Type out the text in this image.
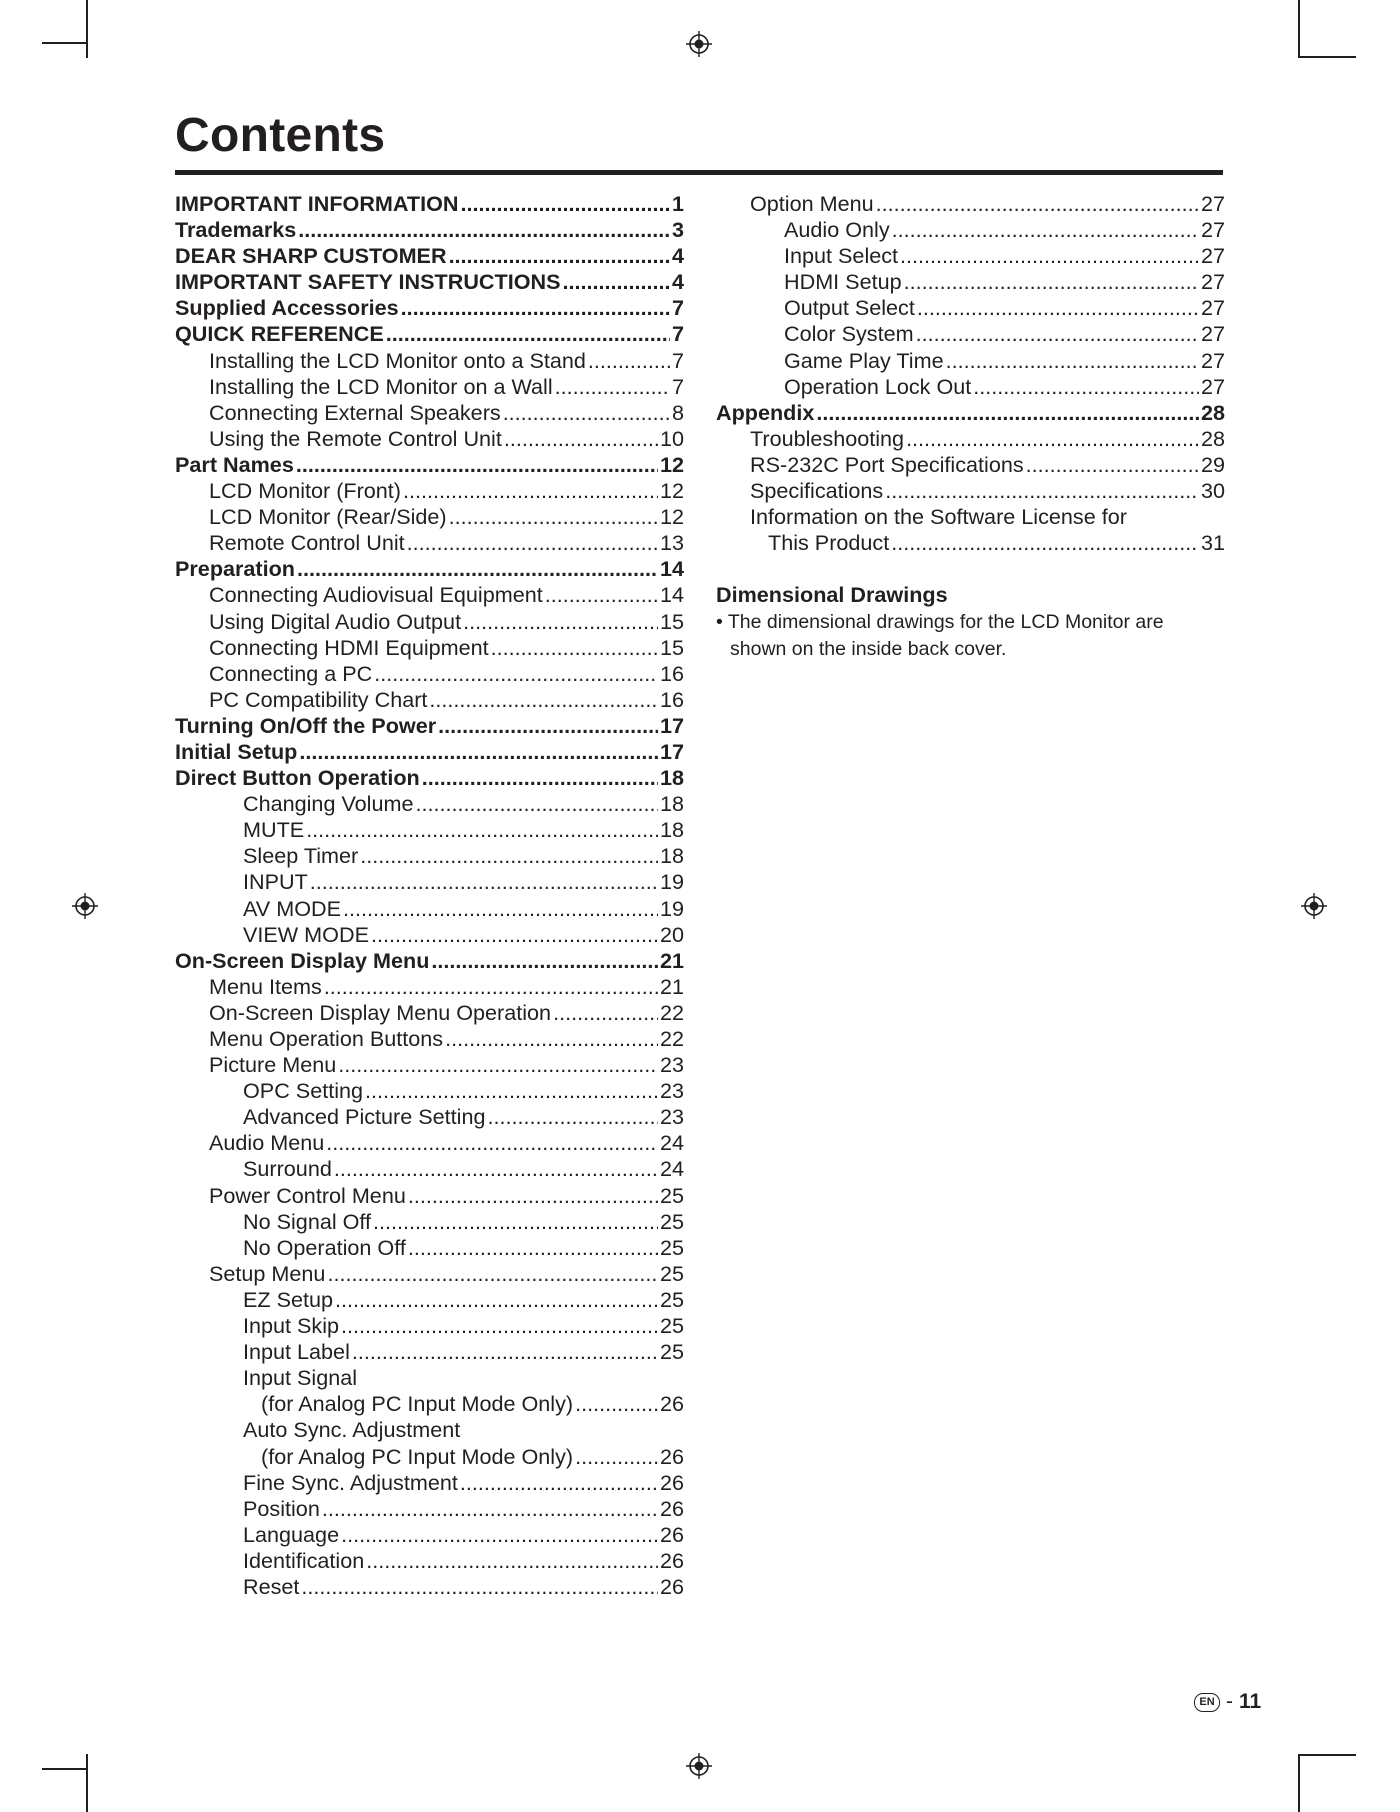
Contents
IMPORTANT INFORMATION .....	1
Trademarks .....	3
DEAR SHARP CUSTOMER .....	4
IMPORTANT SAFETY INSTRUCTIONS .....	4
Supplied Accessories .....	7
QUICK REFERENCE .....	7
Installing the LCD Monitor onto a Stand .....	7
Installing the LCD Monitor on a Wall .....	7
Connecting External Speakers .....	8
Using the Remote Control Unit .....	10
Part Names .....	12
LCD Monitor (Front) .....	12
LCD Monitor (Rear/Side) .....	12
Remote Control Unit .....	13
Preparation .....	14
Connecting Audiovisual Equipment .....	14
Using Digital Audio Output .....	15
Connecting HDMI Equipment .....	15
Connecting a PC .....	16
PC Compatibility Chart .....	16
Turning On/Off the Power .....	17
Initial Setup .....	17
Direct Button Operation .....	18
Changing Volume .....	18
MUTE .....	18
Sleep Timer .....	18
INPUT .....	19
AV MODE .....	19
VIEW MODE .....	20
On-Screen Display Menu .....	21
Menu Items .....	21
On-Screen Display Menu Operation .....	22
Menu Operation Buttons .....	22
Picture Menu .....	23
OPC Setting .....	23
Advanced Picture Setting .....	23
Audio Menu .....	24
Surround .....	24
Power Control Menu .....	25
No Signal Off .....	25
No Operation Off .....	25
Setup Menu .....	25
EZ Setup .....	25
Input Skip .....	25
Input Label .....	25
Input Signal
(for Analog PC Input Mode Only) .....	26
Auto Sync. Adjustment
(for Analog PC Input Mode Only) .....	26
Fine Sync. Adjustment .....	26
Position .....	26
Language .....	26
Identification .....	26
Reset .....	26
Option Menu .....	27
Audio Only .....	27
Input Select .....	27
HDMI Setup .....	27
Output Select .....	27
Color System .....	27
Game Play Time .....	27
Operation Lock Out .....	27
Appendix .....	28
Troubleshooting .....	28
RS-232C Port Specifications .....	29
Specifications .....	30
Information on the Software License for
This Product .....	31
Dimensional Drawings
• The dimensional drawings for the LCD Monitor are shown on the inside back cover.
EN - 11
